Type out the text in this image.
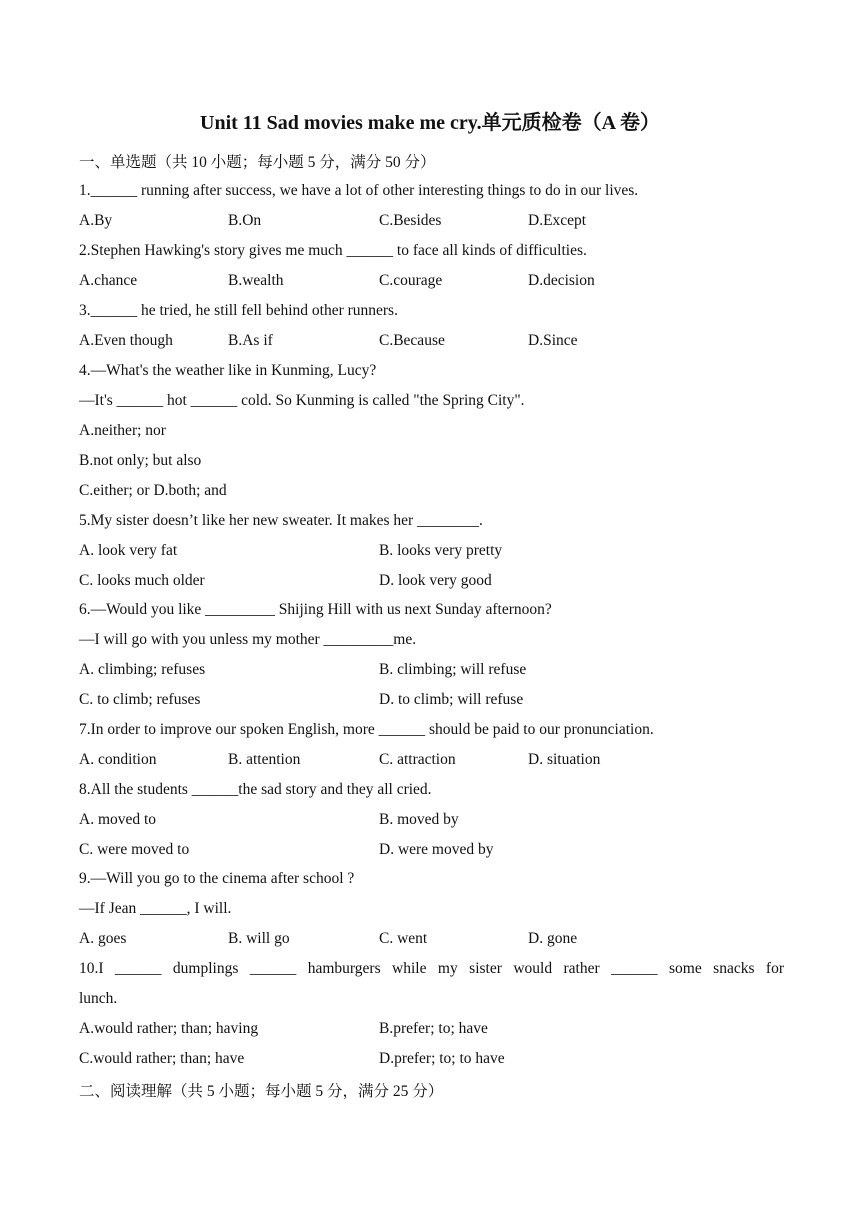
Unit 11 Sad movies make me cry.单元质检卷（A 卷）
一、单选题（共 10 小题；每小题 5 分，满分 50 分）
1.______ running after success, we have a lot of other interesting things to do in our lives.
A.By	B.On	C.Besides	D.Except
2.Stephen Hawking's story gives me much ______ to face all kinds of difficulties.
A.chance	B.wealth	C.courage	D.decision
3.______ he tried, he still fell behind other runners.
A.Even though	B.As if	C.Because	D.Since
4.—What's the weather like in Kunming, Lucy?
—It's ______ hot ______ cold. So Kunming is called "the Spring City".
A.neither; nor
B.not only; but also
C.either; or D.both; and
5.My sister doesn’t like her new sweater. It makes her ________.
A. look very fat	B. looks very pretty
C. looks much older	D. look very good
6.—Would you like _________ Shijing Hill with us next Sunday afternoon?
—I will go with you unless my mother _________me.
A. climbing; refuses	B. climbing; will refuse
C. to climb; refuses	D. to climb; will refuse
7.In order to improve our spoken English, more ______ should be paid to our pronunciation.
A. condition	B. attention	C. attraction	D. situation
8.All the students ______the sad story and they all cried.
A. moved to	B. moved by
C. were moved to	D. were moved by
9.—Will you go to the cinema after school ?
—If Jean ______, I will.
A. goes	B. will go	C. went	D. gone
10.I ______ dumplings ______ hamburgers while my sister would rather ______ some snacks for
lunch.
A.would rather; than; having	B.prefer; to; have
C.would rather; than; have	D.prefer; to; to have
二、阅读理解（共 5 小题；每小题 5 分，满分 25 分）
